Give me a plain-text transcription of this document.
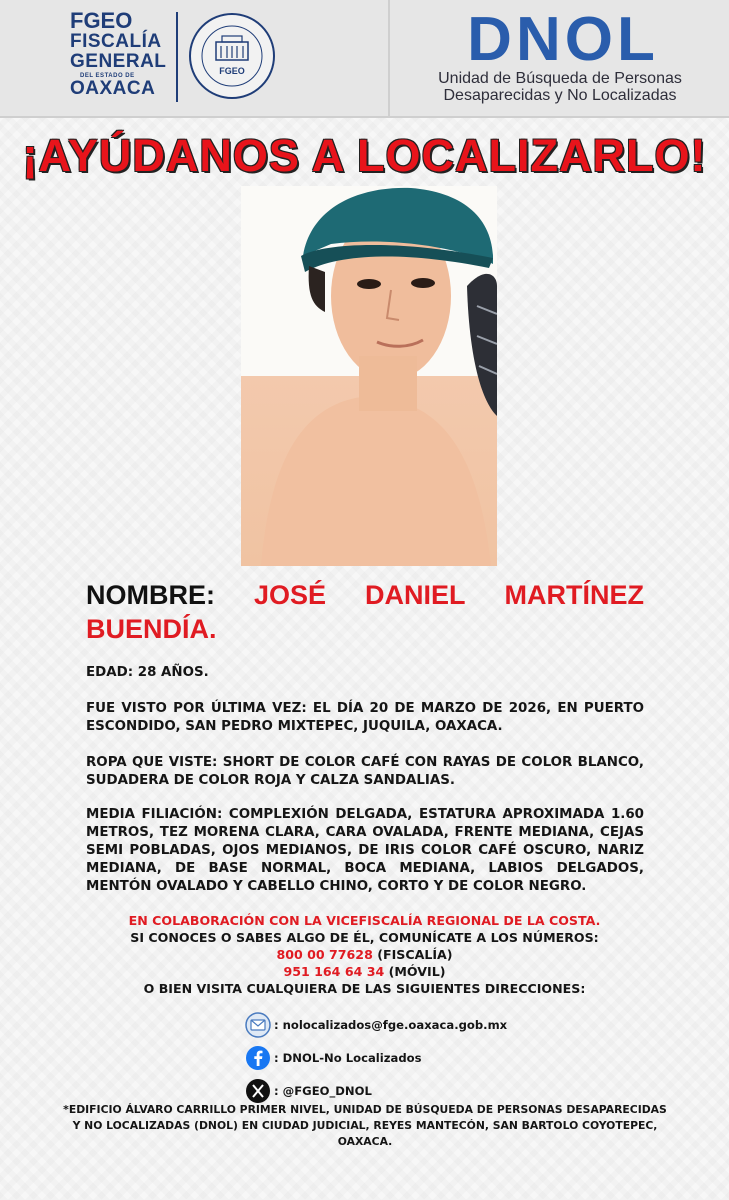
FGEO
FISCALÍA
GENERAL
DEL ESTADO DE
OAXACA
FGEO	DNOL
Unidad de Búsqueda de Personas
Desaparecidas y No Localizadas
¡AYÚDANOS A LOCALIZARLO!
NOMBRE: JOSÉ DANIEL MARTÍNEZ
BUENDÍA.
EDAD: 28 AÑOS.
FUE VISTO POR ÚLTIMA VEZ: EL DÍA 20 DE MARZO DE 2026, EN PUERTO ESCONDIDO, SAN PEDRO MIXTEPEC, JUQUILA, OAXACA.
ROPA QUE VISTE: SHORT DE COLOR CAFÉ CON RAYAS DE COLOR BLANCO, SUDADERA DE COLOR ROJA Y CALZA SANDALIAS.
MEDIA FILIACIÓN: COMPLEXIÓN DELGADA, ESTATURA APROXIMADA 1.60 METROS, TEZ MORENA CLARA, CARA OVALADA, FRENTE MEDIANA, CEJAS SEMI POBLADAS, OJOS MEDIANOS, DE IRIS COLOR CAFÉ OSCURO, NARIZ MEDIANA, DE BASE NORMAL, BOCA MEDIANA, LABIOS DELGADOS, MENTÓN OVALADO Y CABELLO CHINO, CORTO Y DE COLOR NEGRO.
EN COLABORACIÓN CON LA VICEFISCALÍA REGIONAL DE LA COSTA.
SI CONOCES O SABES ALGO DE ÉL, COMUNÍCATE A LOS NÚMEROS:
800 00 77628 (FISCALÍA)
951 164 64 34 (MÓVIL)
O BIEN VISITA CUALQUIERA DE LAS SIGUIENTES DIRECCIONES:
: nolocalizados@fge.oaxaca.gob.mx
: DNOL-No Localizados
: @FGEO_DNOL
*EDIFICIO ÁLVARO CARRILLO PRIMER NIVEL, UNIDAD DE BÚSQUEDA DE PERSONAS DESAPARECIDAS Y NO LOCALIZADAS (DNOL) EN CIUDAD JUDICIAL, REYES MANTECÓN, SAN BARTOLO COYOTEPEC, OAXACA.
